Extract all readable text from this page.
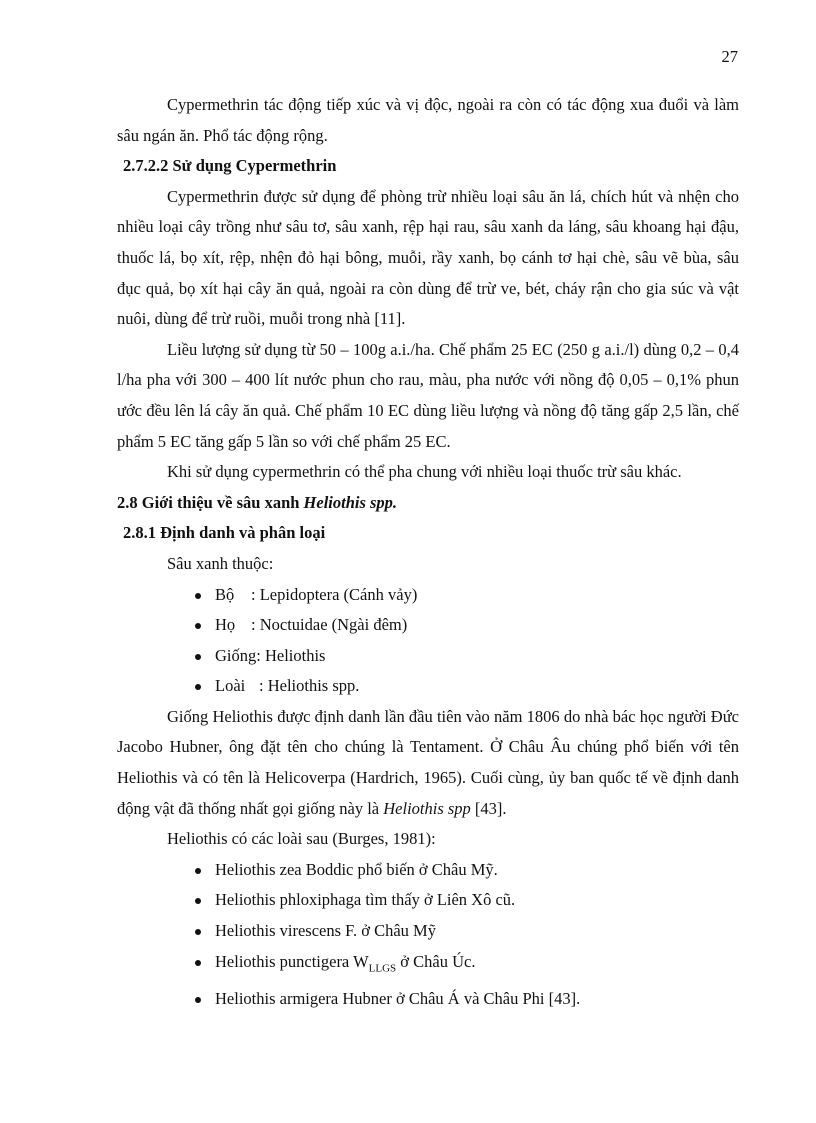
27

Cypermethrin tác động tiếp xúc và vị độc, ngoài ra còn có tác động xua đuổi và làm sâu ngán ăn. Phổ tác động rộng.

2.7.2.2 Sử dụng Cypermethrin

Cypermethrin được sử dụng để phòng trừ nhiều loại sâu ăn lá, chích hút và nhện cho nhiều loại cây trồng như sâu tơ, sâu xanh, rệp hại rau, sâu xanh da láng, sâu khoang hại đậu, thuốc lá, bọ xít, rệp, nhện đỏ hại bông, muỗi, rầy xanh, bọ cánh tơ hại chè, sâu vẽ bùa, sâu đục quả, bọ xít hại cây ăn quả, ngoài ra còn dùng để trừ ve, bét, cháy rận cho gia súc và vật nuôi, dùng để trừ ruồi, muỗi trong nhà [11].

Liều lượng sử dụng từ 50 – 100g a.i./ha. Chế phẩm 25 EC (250 g a.i./l) dùng 0,2 – 0,4 l/ha pha với 300 – 400 lít nước phun cho rau, màu, pha nước với nồng độ 0,05 – 0,1% phun ước đều lên lá cây ăn quả. Chế phẩm 10 EC dùng liều lượng và nồng độ tăng gấp 2,5 lần, chế phẩm 5 EC tăng gấp 5 lần so với chế phẩm 25 EC.

Khi sử dụng cypermethrin có thể pha chung với nhiều loại thuốc trừ sâu khác.

2.8 Giới thiệu về sâu xanh Heliothis spp.
2.8.1 Định danh và phân loại

Sâu xanh thuộc:

Bộ : Lepidoptera (Cánh vảy)
Họ : Noctuidae (Ngài đêm)
Giống: Heliothis
Loài : Heliothis spp.

Giống Heliothis được định danh lần đầu tiên vào năm 1806 do nhà bác học người Đức Jacobo Hubner, ông đặt tên cho chúng là Tentament. Ở Châu Âu chúng phổ biến với tên Heliothis và có tên là Helicoverpa (Hardrich, 1965). Cuối cùng, ủy ban quốc tế về định danh động vật đã thống nhất gọi giống này là Heliothis spp [43].

Heliothis có các loài sau (Burges, 1981):

Heliothis zea Boddic phổ biến ở Châu Mỹ.
Heliothis phloxiphaga tìm thấy ở Liên Xô cũ.
Heliothis virescens F. ở Châu Mỹ
Heliothis punctigera $W_{LLGS}$ ở Châu Úc.
Heliothis armigera Hubner ở Châu Á và Châu Phi [43].
